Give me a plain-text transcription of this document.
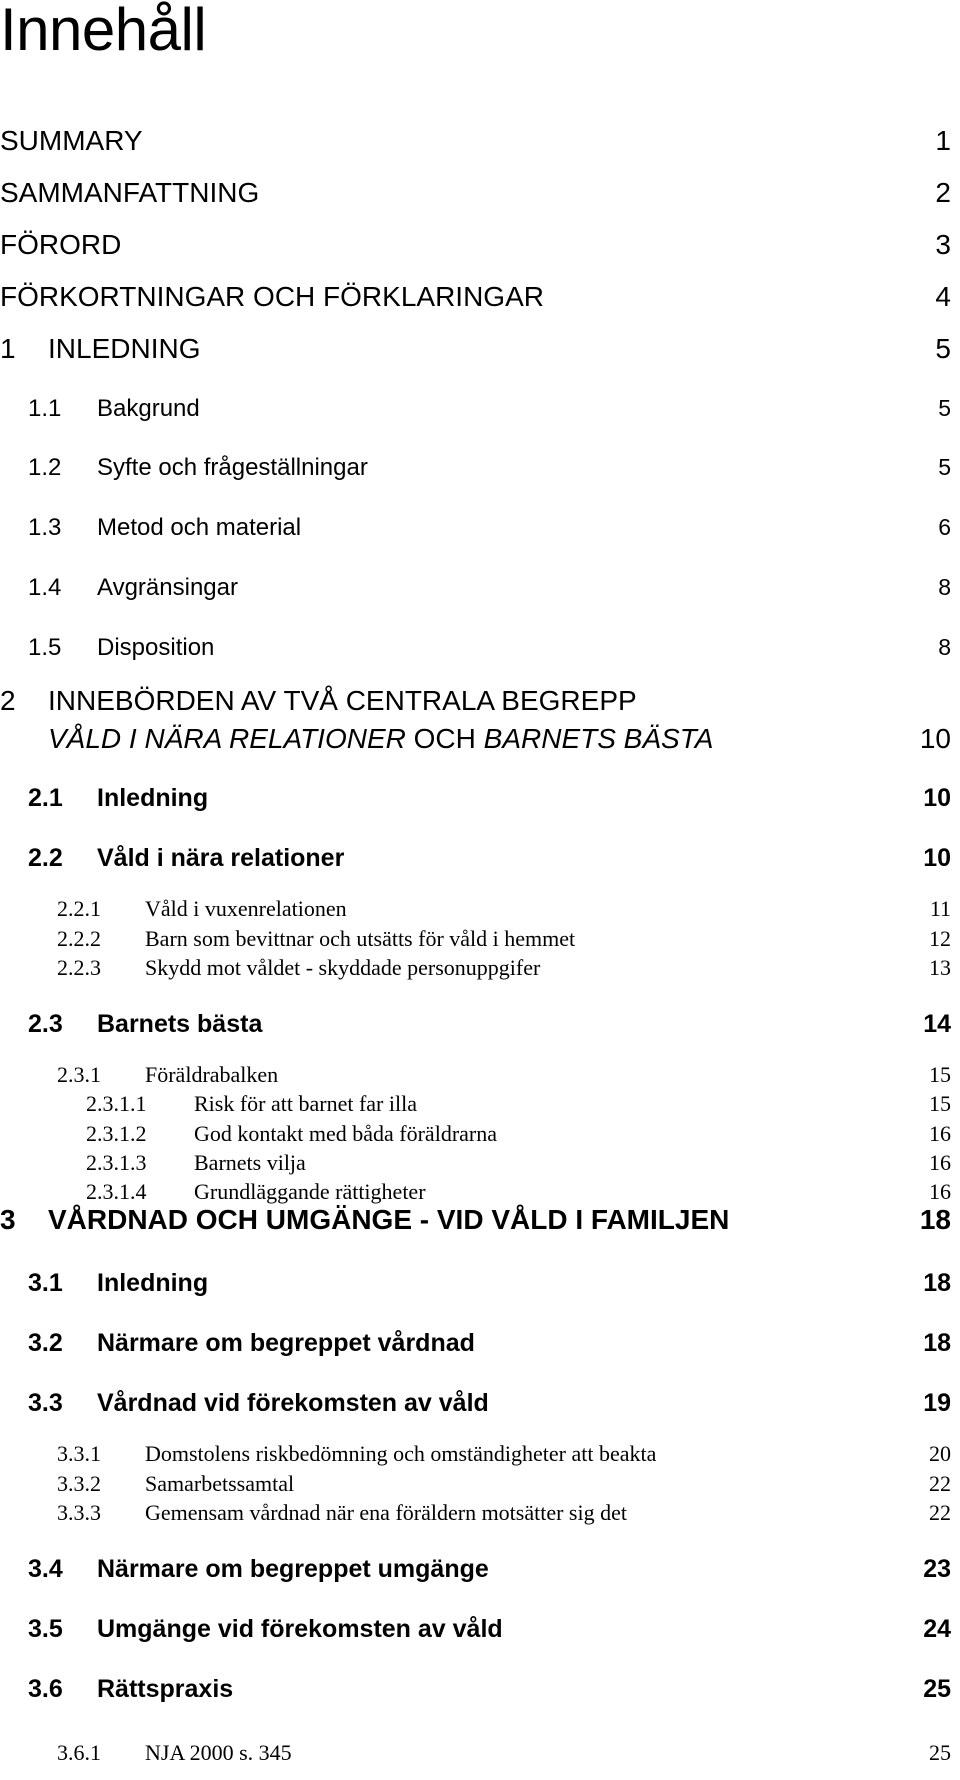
Innehåll
SUMMARY	1
SAMMANFATTNING	2
FÖRORD	3
FÖRKORTNINGAR OCH FÖRKLARINGAR	4
1 INLEDNING	5
1.1 Bakgrund	5
1.2 Syfte och frågeställningar	5
1.3 Metod och material	6
1.4 Avgränsingar	8
1.5 Disposition	8
2 INNEBÖRDEN AV TVÅ CENTRALA BEGREPP
VÅLD I NÄRA RELATIONER OCH BARNETS BÄSTA	10
2.1 Inledning	10
2.2 Våld i nära relationer	10
2.2.1 Våld i vuxenrelationen	11
2.2.2 Barn som bevittnar och utsätts för våld i hemmet	12
2.2.3 Skydd mot våldet - skyddade personuppgifer	13
2.3 Barnets bästa	14
2.3.1 Föräldrabalken	15
2.3.1.1 Risk för att barnet far illa	15
2.3.1.2 God kontakt med båda föräldrarna	16
2.3.1.3 Barnets vilja	16
2.3.1.4 Grundläggande rättigheter	16
3 VÅRDNAD OCH UMGÄNGE - VID VÅLD I FAMILJEN	18
3.1 Inledning	18
3.2 Närmare om begreppet vårdnad	18
3.3 Vårdnad vid förekomsten av våld	19
3.3.1 Domstolens riskbedömning och omständigheter att beakta	20
3.3.2 Samarbetssamtal	22
3.3.3 Gemensam vårdnad när ena föräldern motsätter sig det	22
3.4 Närmare om begreppet umgänge	23
3.5 Umgänge vid förekomsten av våld	24
3.6 Rättspraxis	25
3.6.1 NJA 2000 s. 345	25
